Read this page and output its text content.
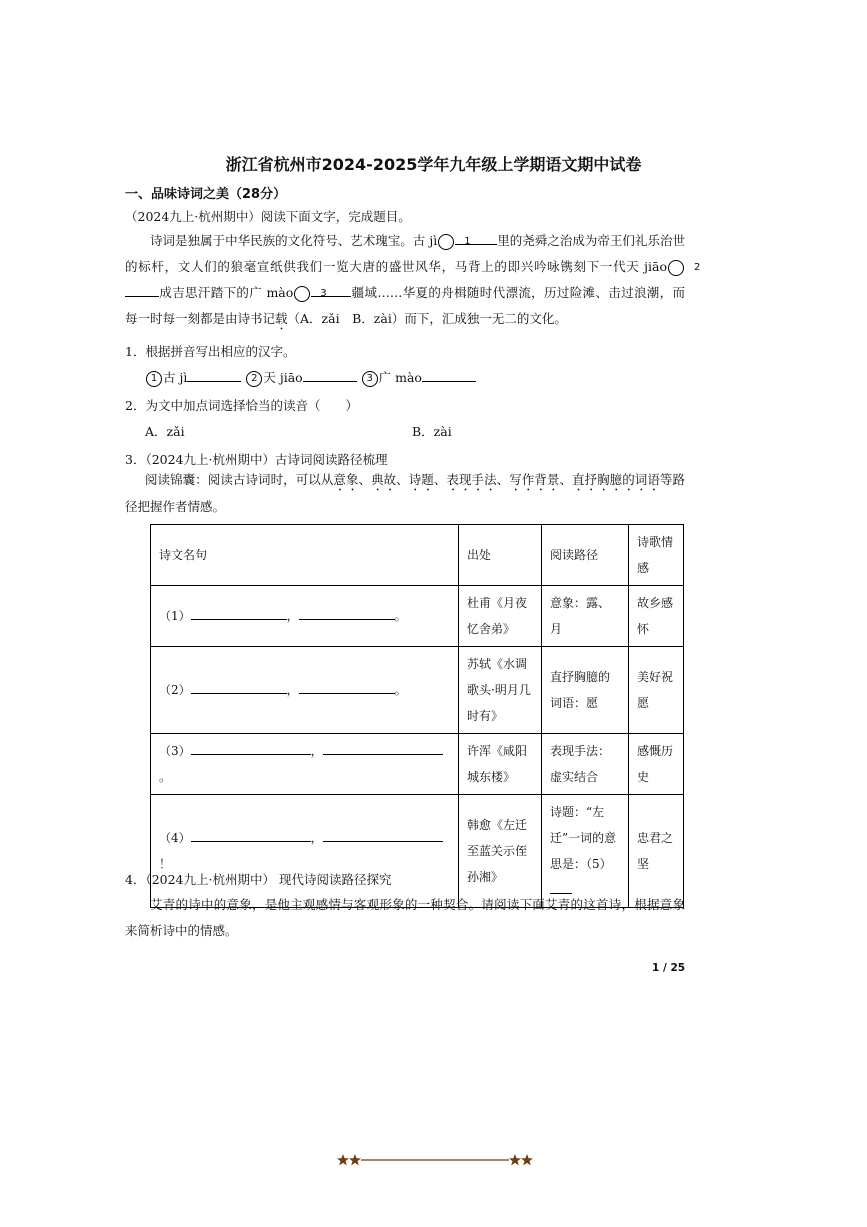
浙江省杭州市2024-2025学年九年级上学期语文期中试卷
一、品味诗词之美（28分）
（2024九上·杭州期中）阅读下面文字，完成题目。
诗词是独属于中华民族的文化符号、艺术瑰宝。古 jì	1 里的尧舜之治成为帝王们礼乐治世的标杆，文人们的狼毫宣纸供我们一览大唐的盛世风华，马背上的即兴吟咏镌刻下一代天 jiāo	2成吉思汗踏下的广 mào	3 疆域……华夏的舟楫随时代漂流，历过险滩、击过浪潮，而每一时每一刻都是由诗书记载（A．zǎi　B．zài）而下，汇成独一无二的文化。
1．根据拼音写出相应的汉字。
1 古 jì	2 天 jiāo	3 广 mào
2．为文中加点词选择恰当的读音（　　）
A．zǎi	B．zài
3．（2024九上·杭州期中）古诗词阅读路径梳理
阅读锦囊：阅读古诗词时，可以从意象、典故、诗题、表现手法、写作背景、直抒胸臆的词语等路径把握作者情感。
诗文名句	出处	阅读路径	诗歌情感
（1） ， 。	杜甫《月夜忆舍弟》	意象：露、月	故乡感怀
（2） ， 。	苏轼《水调歌头·明月几时有》	直抒胸臆的词语：愿	美好祝愿
（3） ，。	许浑《咸阳城东楼》	表现手法：虚实结合	感慨历史
（4） ，！	韩愈《左迁至蓝关示侄孙湘》	诗题：“左迁”一词的意思是：（5）	忠君之坚
4．（2024九上·杭州期中） 现代诗阅读路径探究
艾青的诗中的意象，是他主观感情与客观形象的一种契合。请阅读下面艾青的这首诗，根据意象来简析诗中的情感。
1 / 25
